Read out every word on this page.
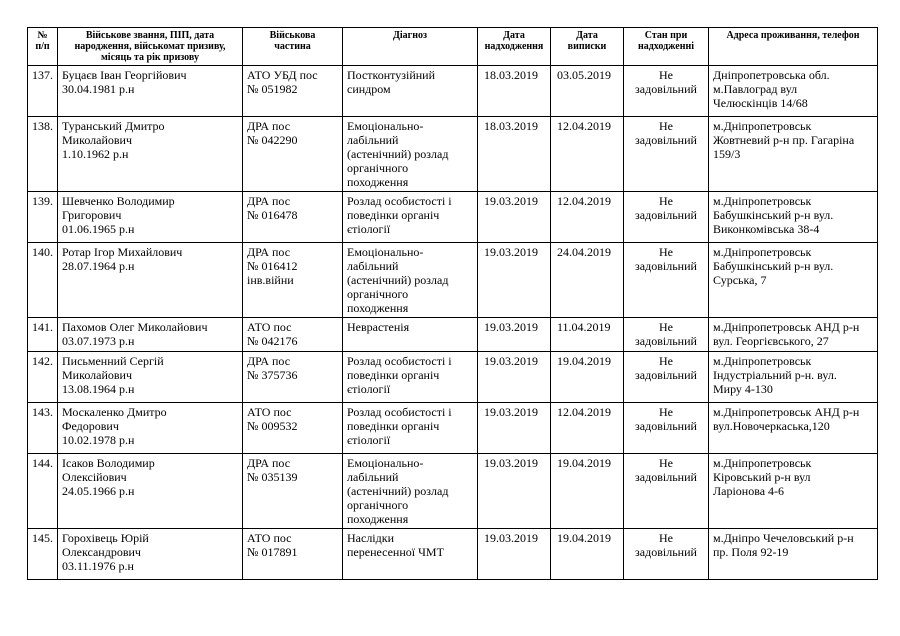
№
п/п	Військове звання, ПІП, дата
народження, військомат призиву,
місяць та рік призову	Військова
частина	Діагноз	Дата
надходження	Дата
виписки	Стан при
надходженні	Адреса проживання, телефон
137.	Буцаєв Іван Георгійович
30.04.1981 р.н	АТО УБД пос
№ 051982	Постконтузійний
синдром	18.03.2019	03.05.2019	Не
задовільний	Дніпропетровська обл.
м.Павлоград вул
Челюскінців 14/68
138.	Туранський Дмитро
Миколайович
1.10.1962 р.н	ДРА пос
№ 042290	Емоціонально-
лабільний
(астенічний) розлад
органічного
походження	18.03.2019	12.04.2019	Не
задовільний	м.Дніпропетровськ
Жовтневий р-н пр. Гагаріна
159/3
139.	Шевченко Володимир
Григорович
01.06.1965 р.н	ДРА пос
№ 016478	Розлад особистості і
поведінки органіч
єтіології	19.03.2019	12.04.2019	Не
задовільний	м.Дніпропетровськ
Бабушкінський р-н вул.
Виконкомівська 38-4
140.	Ротар Ігор Михайлович
28.07.1964 р.н	ДРА пос
№ 016412
інв.війни	Емоціонально-
лабільний
(астенічний) розлад
органічного
походження	19.03.2019	24.04.2019	Не
задовільний	м.Дніпропетровськ
Бабушкінський р-н вул.
Сурська, 7
141.	Пахомов Олег Миколайович
03.07.1973 р.н	АТО пос
№ 042176	Неврастенія	19.03.2019	11.04.2019	Не
задовільний	м.Дніпропетровськ АНД р-н
вул. Георгієвського, 27
142.	Письменний Сергій
Миколайович
13.08.1964 р.н	ДРА пос
№ 375736	Розлад особистості і
поведінки органіч
єтіології	19.03.2019	19.04.2019	Не
задовільний	м.Дніпропетровськ
Індустріальний р-н. вул.
Миру 4-130
143.	Москаленко Дмитро
Федорович
10.02.1978 р.н	АТО пос
№ 009532	Розлад особистості і
поведінки органіч
єтіології	19.03.2019	12.04.2019	Не
задовільний	м.Дніпропетровськ АНД р-н
вул.Новочеркаська,120
144.	Ісаков Володимир
Олексійович
24.05.1966 р.н	ДРА пос
№ 035139	Емоціонально-
лабільний
(астенічний) розлад
органічного
походження	19.03.2019	19.04.2019	Не
задовільний	м.Дніпропетровськ
Кіровський р-н вул
Ларіонова 4-6
145.	Горохівець Юрій
Олександрович
03.11.1976 р.н	АТО пос
№ 017891	Наслідки
перенесенної ЧМТ	19.03.2019	19.04.2019	Не
задовільний	м.Дніпро Чечеловський р-н
пр. Поля 92-19
